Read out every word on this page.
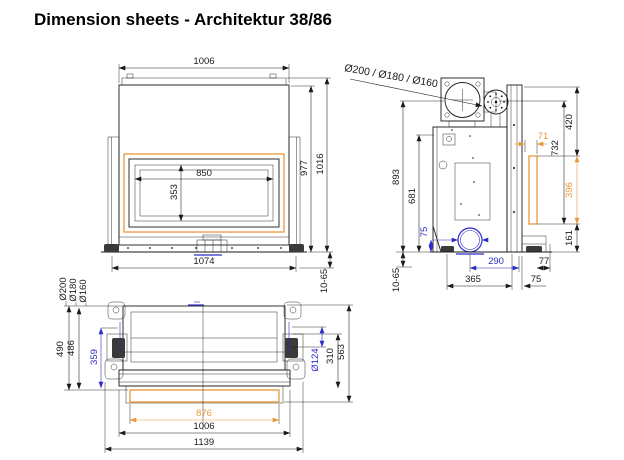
Dimension sheets - Architektur 38/86
1006
850
353
977 1016
1074
10-65
Ø200 / Ø180 / Ø160
893
681
10-65
75
290	77
365	75
71
732
420
396
161
Ø200 Ø180 Ø160
490 486
359	Ø124 310 563
876
1006
1139
